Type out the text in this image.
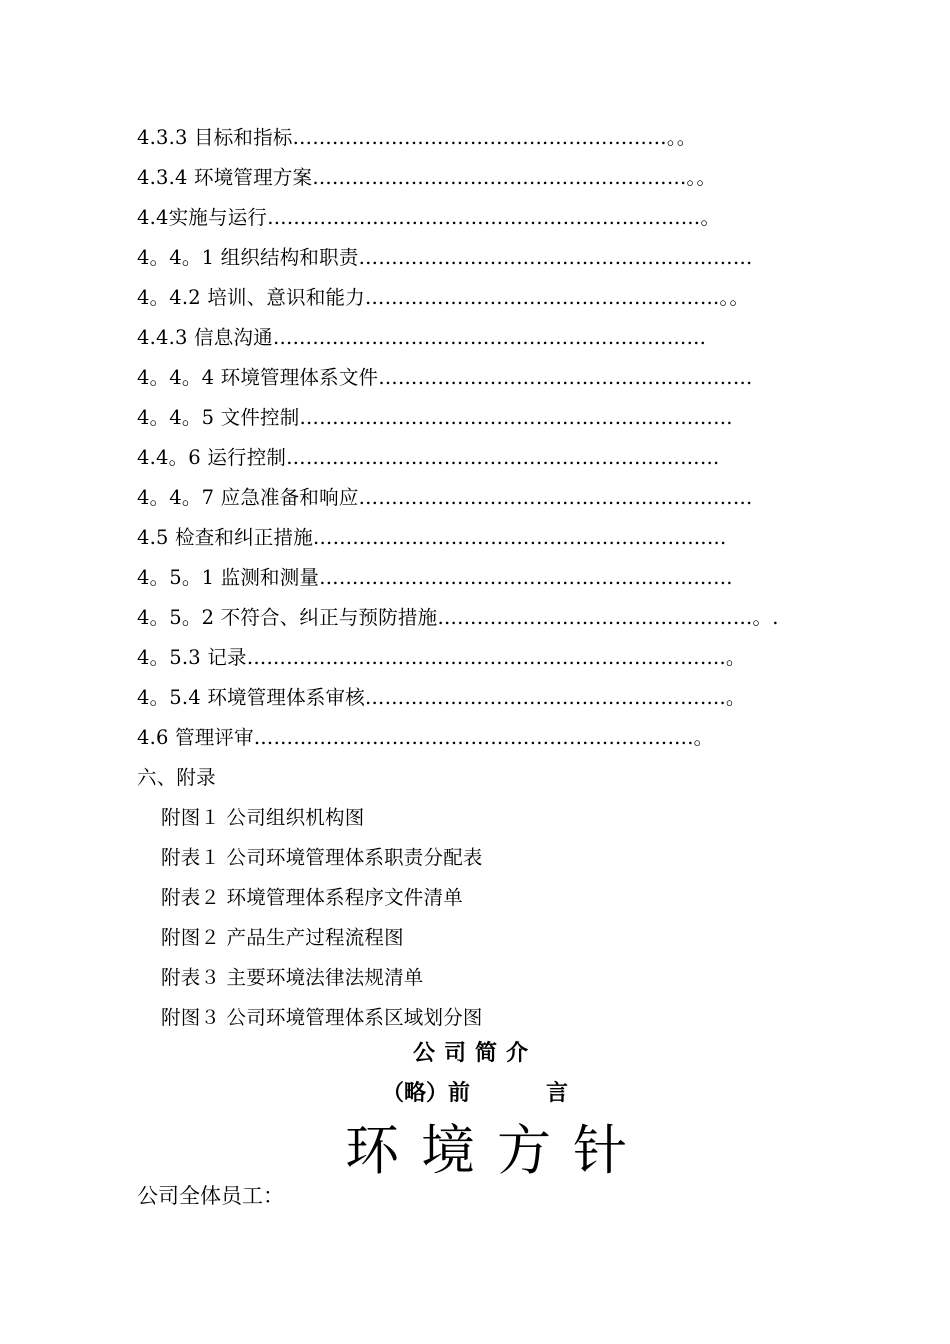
4.3.3 目标和指标…………………………………………………。。
4.3.4 环境管理方案…………………………………………………。。
4.4实施与运行…………………………………………………………。
4。4。1 组织结构和职责……………………………………………………
4。4.2 培训、意识和能力………………………………………………。。
4.4.3 信息沟通…………………………………………………………
4。4。4 环境管理体系文件…………………………………………………
4。4。5 文件控制…………………………………………………………
4.4。6 运行控制…………………………………………………………
4。4。7 应急准备和响应……………………………………………………
4.5 检查和纠正措施………………………………………………………
4。5。1 监测和测量………………………………………………………
4。5。2 不符合、纠正与预防措施…………………………………………。.
4。5.3 记录……………………………………………………………….。
4。5.4 环境管理体系审核……………………………………………….。
4.6 管理评审………………………………………………………….。
六、附录
附图１ 公司组织机构图
附表１ 公司环境管理体系职责分配表
附表２ 环境管理体系程序文件清单
附图２ 产品生产过程流程图
附表３ 主要环境法律法规清单
附图３ 公司环境管理体系区域划分图
公司简介
（略）前	言
环境方针
公司全体员工：
